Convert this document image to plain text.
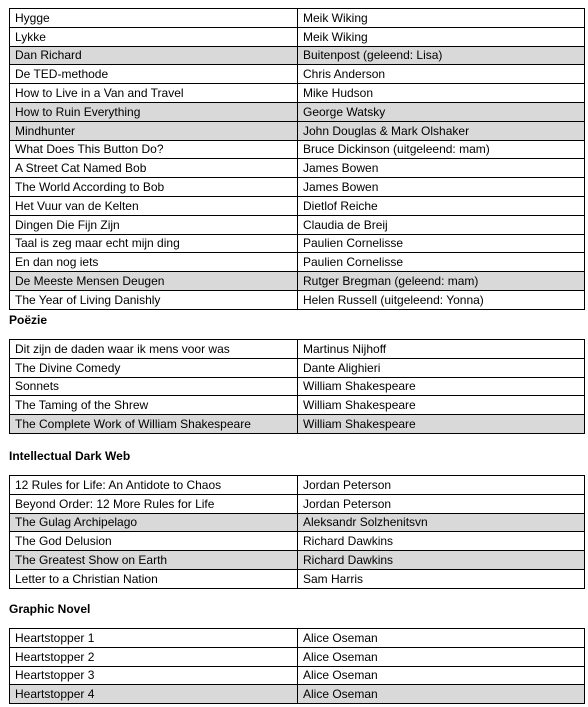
Hygge	Meik Wiking
Lykke	Meik Wiking
Dan Richard	Buitenpost (geleend: Lisa)
De TED-methode	Chris Anderson
How to Live in a Van and Travel	Mike Hudson
How to Ruin Everything	George Watsky
Mindhunter	John Douglas & Mark Olshaker
What Does This Button Do?	Bruce Dickinson (uitgeleend: mam)
A Street Cat Named Bob	James Bowen
The World According to Bob	James Bowen
Het Vuur van de Kelten	Dietlof Reiche
Dingen Die Fijn Zijn	Claudia de Breij
Taal is zeg maar echt mijn ding	Paulien Cornelisse
En dan nog iets	Paulien Cornelisse
De Meeste Mensen Deugen	Rutger Bregman (geleend: mam)
The Year of Living Danishly	Helen Russell (uitgeleend: Yonna)
Poëzie
Dit zijn de daden waar ik mens voor was	Martinus Nijhoff
The Divine Comedy	Dante Alighieri
Sonnets	William Shakespeare
The Taming of the Shrew	William Shakespeare
The Complete Work of William Shakespeare	William Shakespeare
Intellectual Dark Web
12 Rules for Life: An Antidote to Chaos	Jordan Peterson
Beyond Order: 12 More Rules for Life	Jordan Peterson
The Gulag Archipelago	Aleksandr Solzhenitsvn
The God Delusion	Richard Dawkins
The Greatest Show on Earth	Richard Dawkins
Letter to a Christian Nation	Sam Harris
Graphic Novel
Heartstopper 1	Alice Oseman
Heartstopper 2	Alice Oseman
Heartstopper 3	Alice Oseman
Heartstopper 4	Alice Oseman
